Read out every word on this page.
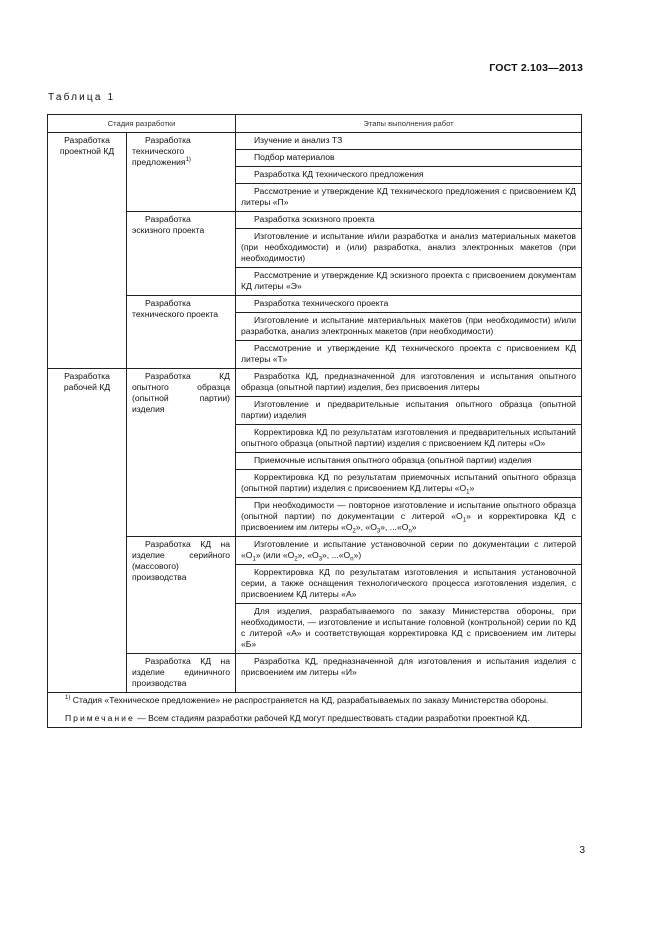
ГОСТ 2.103—2013
Таблица 1
Стадия разработки		Этапы выполнения работ
Разработка проектной КД	Разработка технического предложения$^{1)}$	Изучение и анализ ТЗ
		Подбор материалов
		Разработка КД технического предложения
		Рассмотрение и утверждение КД технического предложения с присвоением КД литеры «П»
	Разработка эскизного проекта	Разработка эскизного проекта
		Изготовление и испытание и/или разработка и анализ материальных макетов (при необходимости) и (или) разработка, анализ электронных макетов (при необходимости)
		Рассмотрение и утверждение КД эскизного проекта с присвоением документам КД литеры «Э»
	Разработка технического проекта	Разработка технического проекта
		Изготовление и испытание материальных макетов (при необходимости) и/или разработка, анализ электронных макетов (при необходимости)
		Рассмотрение и утверждение КД технического проекта с присвоением КД литеры «Т»
Разработка рабочей КД	Разработка КД опытного образца (опытной партии) изделия	Разработка КД, предназначенной для изготовления и испытания опытного образца (опытной партии) изделия, без присвоения литеры
		Изготовление и предварительные испытания опытного образца (опытной партии) изделия
		Корректировка КД по результатам изготовления и предварительных испытаний опытного образца (опытной партии) изделия с присвоением КД литеры «О»
		Приемочные испытания опытного образца (опытной партии) изделия
		Корректировка КД по результатам приемочных испытаний опытного образца (опытной партии) изделия с присвоением КД литеры «$О_1$»
		При необходимости — повторное изготовление и испытание опытного образца (опытной партии) по документации с литерой «$О_1$» и корректировка КД с присвоением им литеры «$О_2$», «$О_3$», $...«О_n$»
	Разработка КД на изделие серийного (массового) производства	Изготовление и испытание установочной серии по документации с литерой «$О_1$» (или «$О_2$», «$О_3$», $...«О_n$»)
		Корректировка КД по результатам изготовления и испытания установочной серии, а также оснащения технологического процесса изготовления изделия, с присвоением КД литеры «А»
		Для изделия, разрабатываемого по заказу Министерства обороны, при необходимости, — изготовление и испытание головной (контрольной) серии по КД с литерой «А» и соответствующая корректировка КД с присвоением им литеры «Б»
	Разработка КД на изделие единичного производства	Разработка КД, предназначенной для изготовления и испытания изделия с присвоением им литеры «И»

$^{1)}$ Стадия «Техническое предложение» не распространяется на КД, разрабатываемых по заказу Министерства обороны.

Примечание — Всем стадиям разработки рабочей КД могут предшествовать стадии разработки проектной КД.		

3
